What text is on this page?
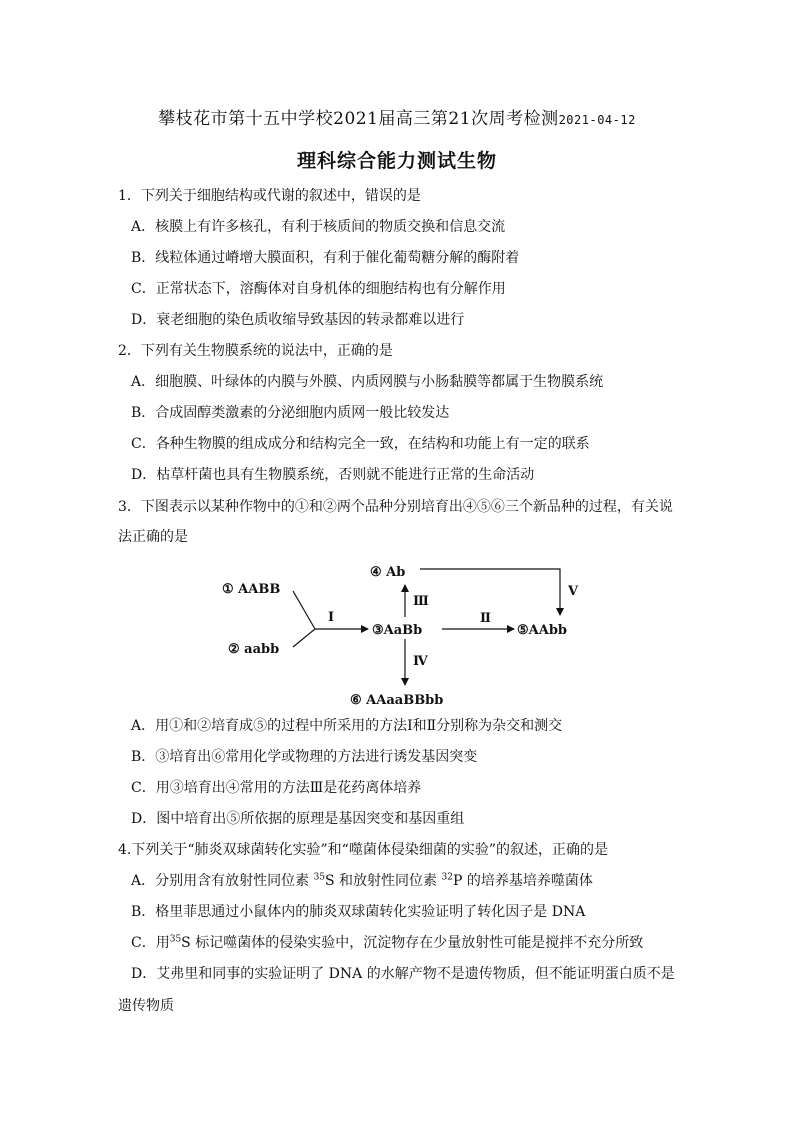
攀枝花市第十五中学校2021届高三第21次周考检测2021-04-12
理科综合能力测试生物
1．下列关于细胞结构或代谢的叙述中，错误的是
A．核膜上有许多核孔，有利于核质间的物质交换和信息交流
B．线粒体通过嵴增大膜面积，有利于催化葡萄糖分解的酶附着
C．正常状态下，溶酶体对自身机体的细胞结构也有分解作用
D．衰老细胞的染色质收缩导致基因的转录都难以进行
2．下列有关生物膜系统的说法中，正确的是
A．细胞膜、叶绿体的内膜与外膜、内质网膜与小肠黏膜等都属于生物膜系统
B．合成固醇类激素的分泌细胞内质网一般比较发达
C．各种生物膜的组成成分和结构完全一致，在结构和功能上有一定的联系
D．枯草杆菌也具有生物膜系统，否则就不能进行正常的生命活动
3．下图表示以某种作物中的①和②两个品种分别培育出④⑤⑥三个新品种的过程，有关说
法正确的是
① AABB
② aabb
③AaBb
④ Ab
⑤AAbb
⑥ AAaaBBbb
Ⅰ
Ⅲ
Ⅱ
Ⅴ
Ⅳ
A．用①和②培育成⑤的过程中所采用的方法Ⅰ和Ⅱ分别称为杂交和测交
B．③培育出⑥常用化学或物理的方法进行诱发基因突变
C．用③培育出④常用的方法Ⅲ是花药离体培养
D．图中培育出⑤所依据的原理是基因突变和基因重组
4.下列关于“肺炎双球菌转化实验”和“噬菌体侵染细菌的实验”的叙述，正确的是
A．分别用含有放射性同位素 $^{35}$S 和放射性同位素 $^{32}$P 的培养基培养噬菌体
B．格里菲思通过小鼠体内的肺炎双球菌转化实验证明了转化因子是 DNA
C．用$^{35}$S 标记噬菌体的侵染实验中，沉淀物存在少量放射性可能是搅拌不充分所致
D．艾弗里和同事的实验证明了 DNA 的水解产物不是遗传物质，但不能证明蛋白质不是
遗传物质
